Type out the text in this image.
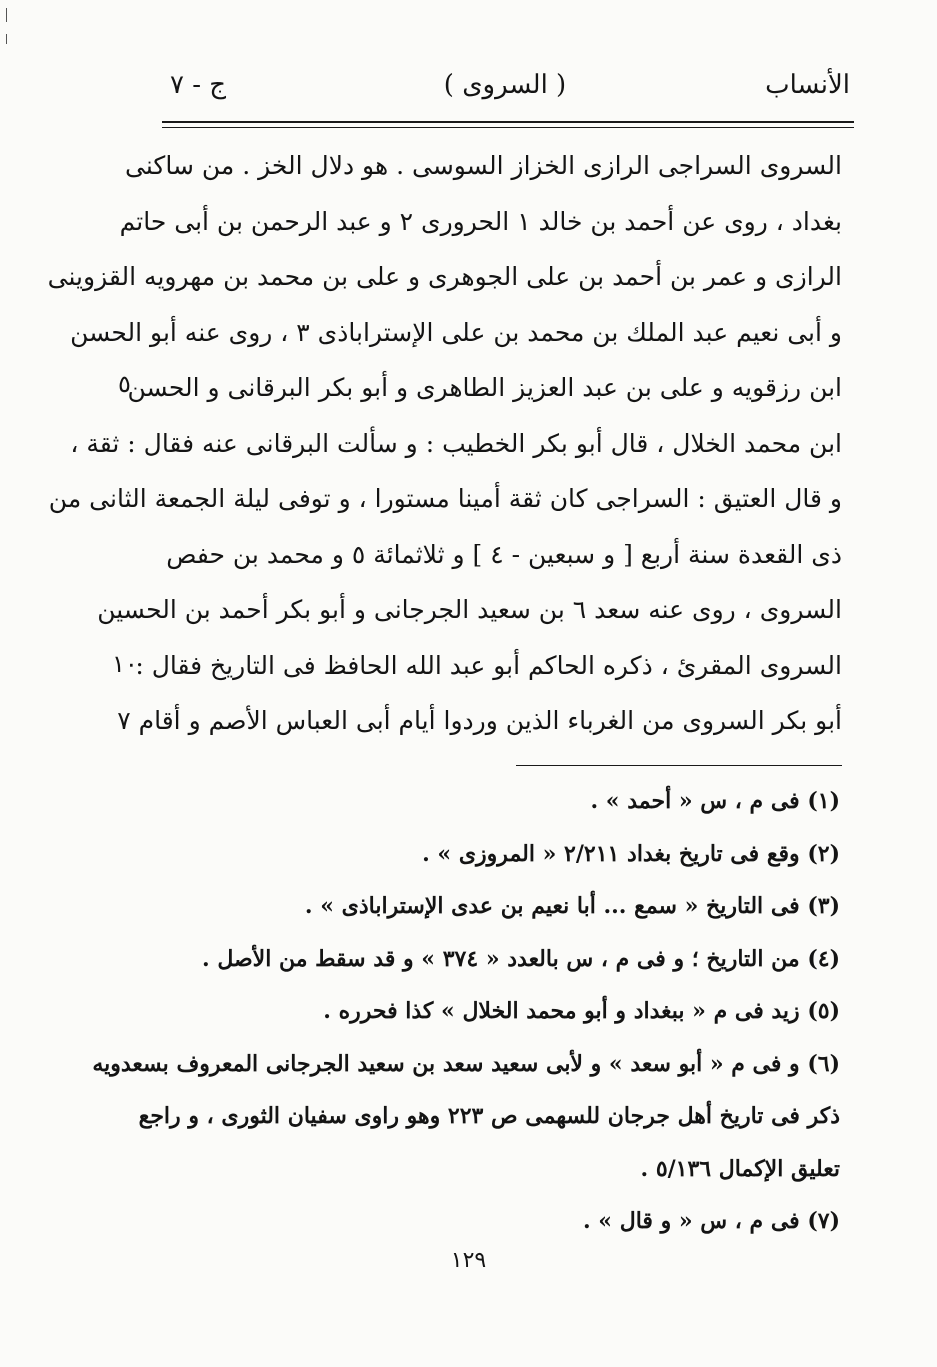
الأنساب
( السروى )
ج - ٧
السروى السراجى الرازى الخزاز السوسى . هو دلال الخز . من ساكنى
بغداد ، روى عن أحمد بن خالد ١ الحرورى ٢ و عبد الرحمن بن أبى حاتم
الرازى و عمر بن أحمد بن على الجوهرى و على بن محمد بن مهرويه القزوينى
و أبى نعيم عبد الملك بن محمد بن على الإستراباذى ٣ ، روى عنه أبو الحسن
ابن رزقويه و على بن عبد العزيز الطاهرى و أبو بكر البرقانى و الحسن
ابن محمد الخلال ، قال أبو بكر الخطيب : و سألت البرقانى عنه فقال : ثقة ،
و قال العتيق : السراجى كان ثقة أمينا مستورا ، و توفى ليلة الجمعة الثانى من
ذى القعدة سنة أربع [ و سبعين - ٤ ] و ثلاثمائة ٥ و محمد بن حفص
السروى ، روى عنه سعد ٦ بن سعيد الجرجانى و أبو بكر أحمد بن الحسين
السروى المقرئ ، ذكره الحاكم أبو عبد الله الحافظ فى التاريخ فقال :
أبو بكر السروى من الغرباء الذين وردوا أيام أبى العباس الأصم و أقام ٧
٥
١٠
(١) فى م ، س « أحمد » .
(٢) وقع فى تاريخ بغداد ٢/٢١١ « المروزى » .
(٣) فى التاريخ « سمع ... أبا نعيم بن عدى الإستراباذى » .
(٤) من التاريخ ؛ و فى م ، س بالعدد « ٣٧٤ » و قد سقط من الأصل .
(٥) زيد فى م « ببغداد و أبو محمد الخلال » كذا فحرره .
(٦) و فى م « أبو سعد » و لأبى سعيد سعد بن سعيد الجرجانى المعروف بسعدويه
ذكر فى تاريخ أهل جرجان للسهمى ص ٢٢٣ وهو راوى سفيان الثورى ، و راجع
تعليق الإكمال ٥/١٣٦ .
(٧) فى م ، س « و قال » .
١٢٩
